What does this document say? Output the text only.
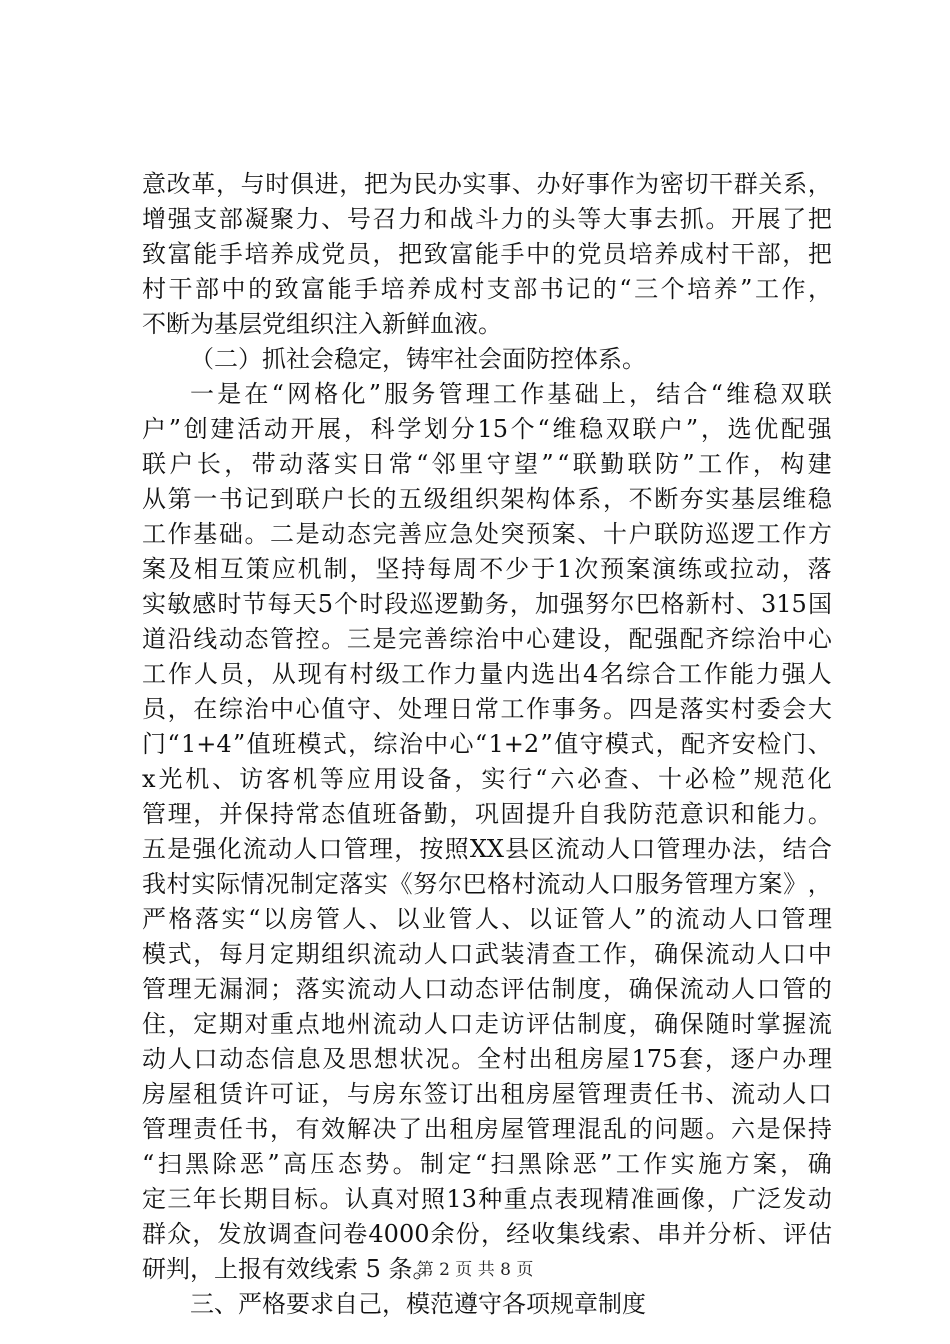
意 改 革 ， 与 时 俱 进 ， 把 为 民 办 实 事 、 办 好 事 作 为 密 切 干 群 关 系 ，
增 强 支 部 凝 聚 力 、 号 召 力 和 战 斗 力 的 头 等 大 事 去 抓 。 开 展 了 把
致 富 能 手 培 养 成 党 员 ， 把 致 富 能 手 中 的 党 员 培 养 成 村 干 部 ， 把
村 干 部 中 的 致 富 能 手 培 养 成 村 支 部 书 记 的 “ 三 个 培 养 ” 工 作 ，
不断为基层党组织注入新鲜血液。
（二）抓社会稳定，铸牢社会面防控体系。
一 是 在 “ 网 格 化 ” 服 务 管 理 工 作 基 础 上 ， 结 合 “ 维 稳 双 联
户 ” 创 建 活 动 开 展 ， 科 学 划 分 15 个 “ 维 稳 双 联 户 ” ， 选 优 配 强
联 户 长 ， 带 动 落 实 日 常 “ 邻 里 守 望 ” “ 联 勤 联 防 ” 工 作 ， 构 建
从 第 一 书 记 到 联 户 长 的 五 级 组 织 架 构 体 系 ， 不 断 夯 实 基 层 维 稳
工 作 基 础 。 二 是 动 态 完 善 应 急 处 突 预 案 、 十 户 联 防 巡 逻 工 作 方
案 及 相 互 策 应 机 制 ， 坚 持 每 周 不 少 于 1 次 预 案 演 练 或 拉 动 ， 落
实 敏 感 时 节 每 天 5 个 时 段 巡 逻 勤 务 ， 加 强 努 尔 巴 格 新 村 、 315 国
道 沿 线 动 态 管 控 。 三 是 完 善 综 治 中 心 建 设 ， 配 强 配 齐 综 治 中 心
工 作 人 员 ， 从 现 有 村 级 工 作 力 量 内 选 出 4 名 综 合 工 作 能 力 强 人
员 ， 在 综 治 中 心 值 守 、 处 理 日 常 工 作 事 务 。 四 是 落 实 村 委 会 大
门 “ 1+4 ” 值 班 模 式 ， 综 治 中 心 “ 1+2 ” 值 守 模 式 ， 配 齐 安 检 门 、
x 光 机 、 访 客 机 等 应 用 设 备 ， 实 行 “ 六 必 查 、 十 必 检 ” 规 范 化
管 理 ， 并 保 持 常 态 值 班 备 勤 ， 巩 固 提 升 自 我 防 范 意 识 和 能 力 。
五 是 强 化 流 动 人 口 管 理 ， 按 照 XX 县 区 流 动 人 口 管 理 办 法 ， 结 合
我 村 实 际 情 况 制 定 落 实 《 努 尔 巴 格 村 流 动 人 口 服 务 管 理 方 案 》 ，
严 格 落 实 “ 以 房 管 人 、 以 业 管 人 、 以 证 管 人 ” 的 流 动 人 口 管 理
模 式 ， 每 月 定 期 组 织 流 动 人 口 武 装 清 查 工 作 ， 确 保 流 动 人 口 中
管 理 无 漏 洞 ； 落 实 流 动 人 口 动 态 评 估 制 度 ， 确 保 流 动 人 口 管 的
住 ， 定 期 对 重 点 地 州 流 动 人 口 走 访 评 估 制 度 ， 确 保 随 时 掌 握 流
动 人 口 动 态 信 息 及 思 想 状 况 。 全 村 出 租 房 屋 175 套 ， 逐 户 办 理
房 屋 租 赁 许 可 证 ， 与 房 东 签 订 出 租 房 屋 管 理 责 任 书 、 流 动 人 口
管 理 责 任 书 ， 有 效 解 决 了 出 租 房 屋 管 理 混 乱 的 问 题 。 六 是 保 持
“ 扫 黑 除 恶 ” 高 压 态 势 。 制 定 “ 扫 黑 除 恶 ” 工 作 实 施 方 案 ， 确
定 三 年 长 期 目 标 。 认 真 对 照 13 种 重 点 表 现 精 准 画 像 ， 广 泛 发 动
群 众 ， 发 放 调 查 问 卷 4000 余 份 ， 经 收 集 线 索 、 串 并 分 析 、 评 估
研判，上报有效线索 5 条。
三、严格要求自己，模范遵守各项规章制度
第 2 页 共 8 页
